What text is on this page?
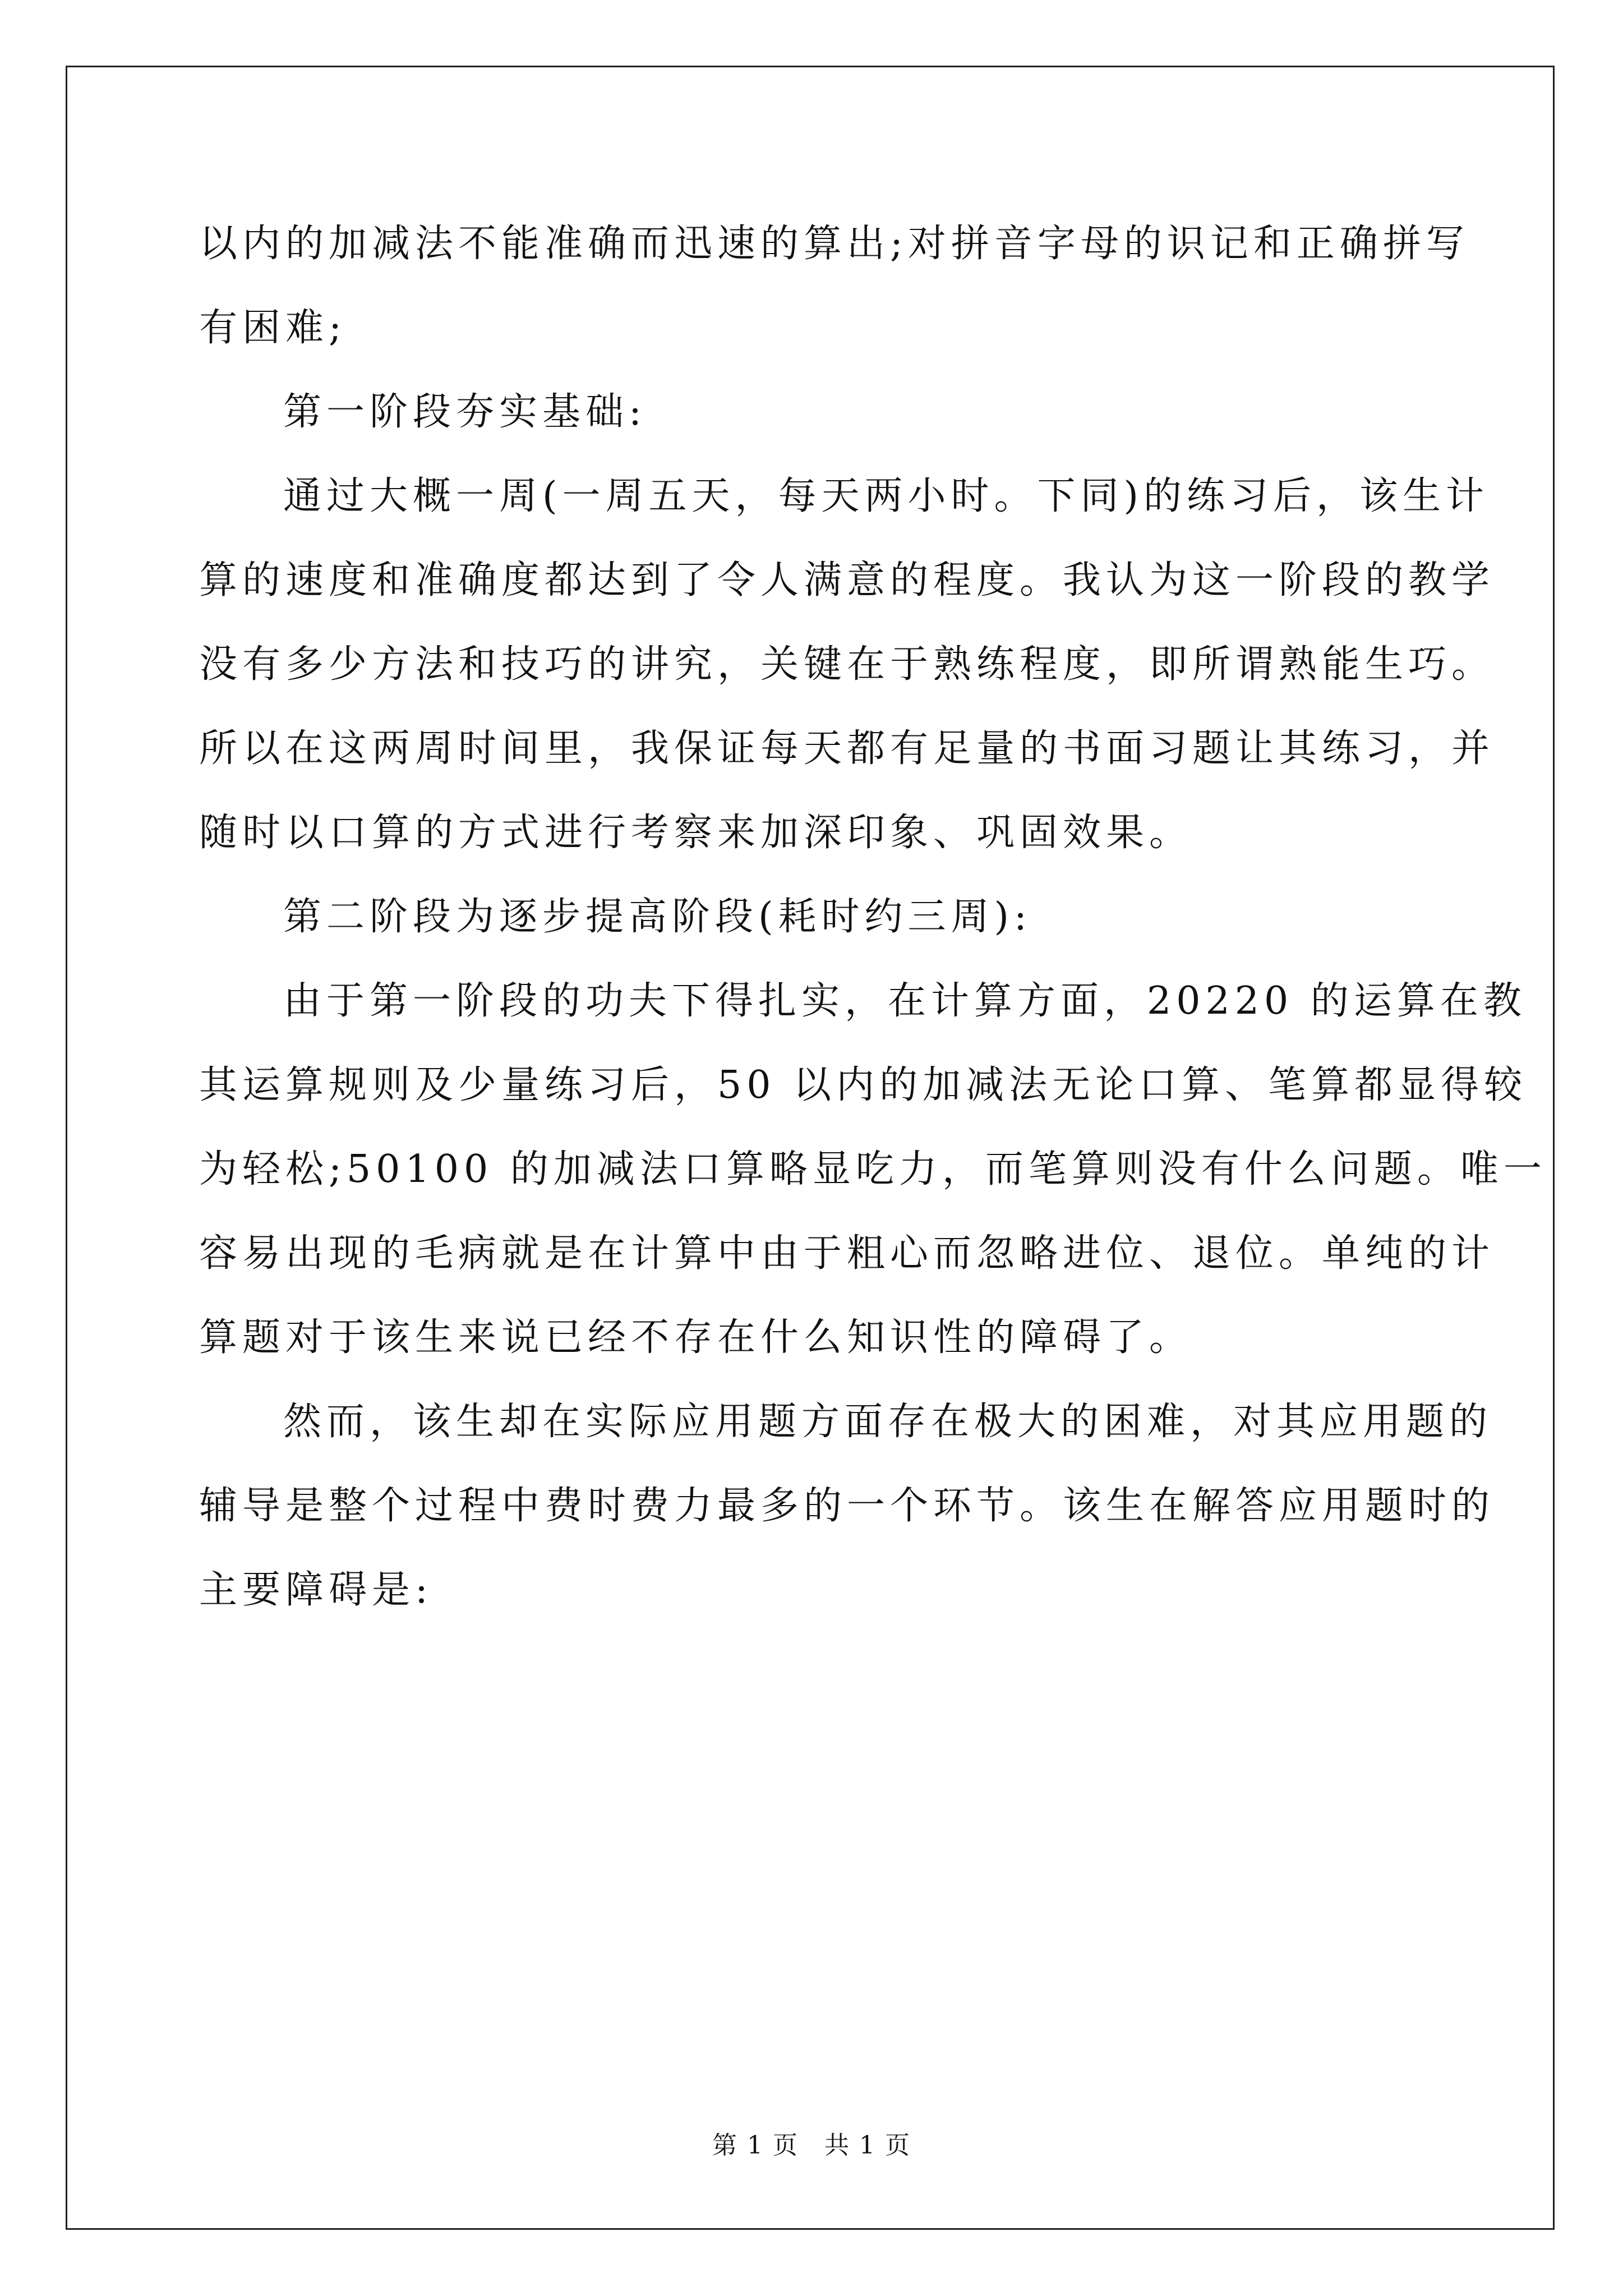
以内的加减法不能准确而迅速的算出;对拼音字母的识记和正确拼写

有困难;

第一阶段夯实基础:

通过大概一周(一周五天，每天两小时。下同)的练习后，该生计

算的速度和准确度都达到了令人满意的程度。我认为这一阶段的教学

没有多少方法和技巧的讲究，关键在于熟练程度，即所谓熟能生巧。

所以在这两周时间里，我保证每天都有足量的书面习题让其练习，并

随时以口算的方式进行考察来加深印象、巩固效果。

第二阶段为逐步提高阶段(耗时约三周):

由于第一阶段的功夫下得扎实，在计算方面，20220 的运算在教

其运算规则及少量练习后，50 以内的加减法无论口算、笔算都显得较

为轻松;50100 的加减法口算略显吃力，而笔算则没有什么问题。唯一

容易出现的毛病就是在计算中由于粗心而忽略进位、退位。单纯的计

算题对于该生来说已经不存在什么知识性的障碍了。

然而，该生却在实际应用题方面存在极大的困难，对其应用题的

辅导是整个过程中费时费力最多的一个环节。该生在解答应用题时的

主要障碍是:

第 1 页　共 1 页
